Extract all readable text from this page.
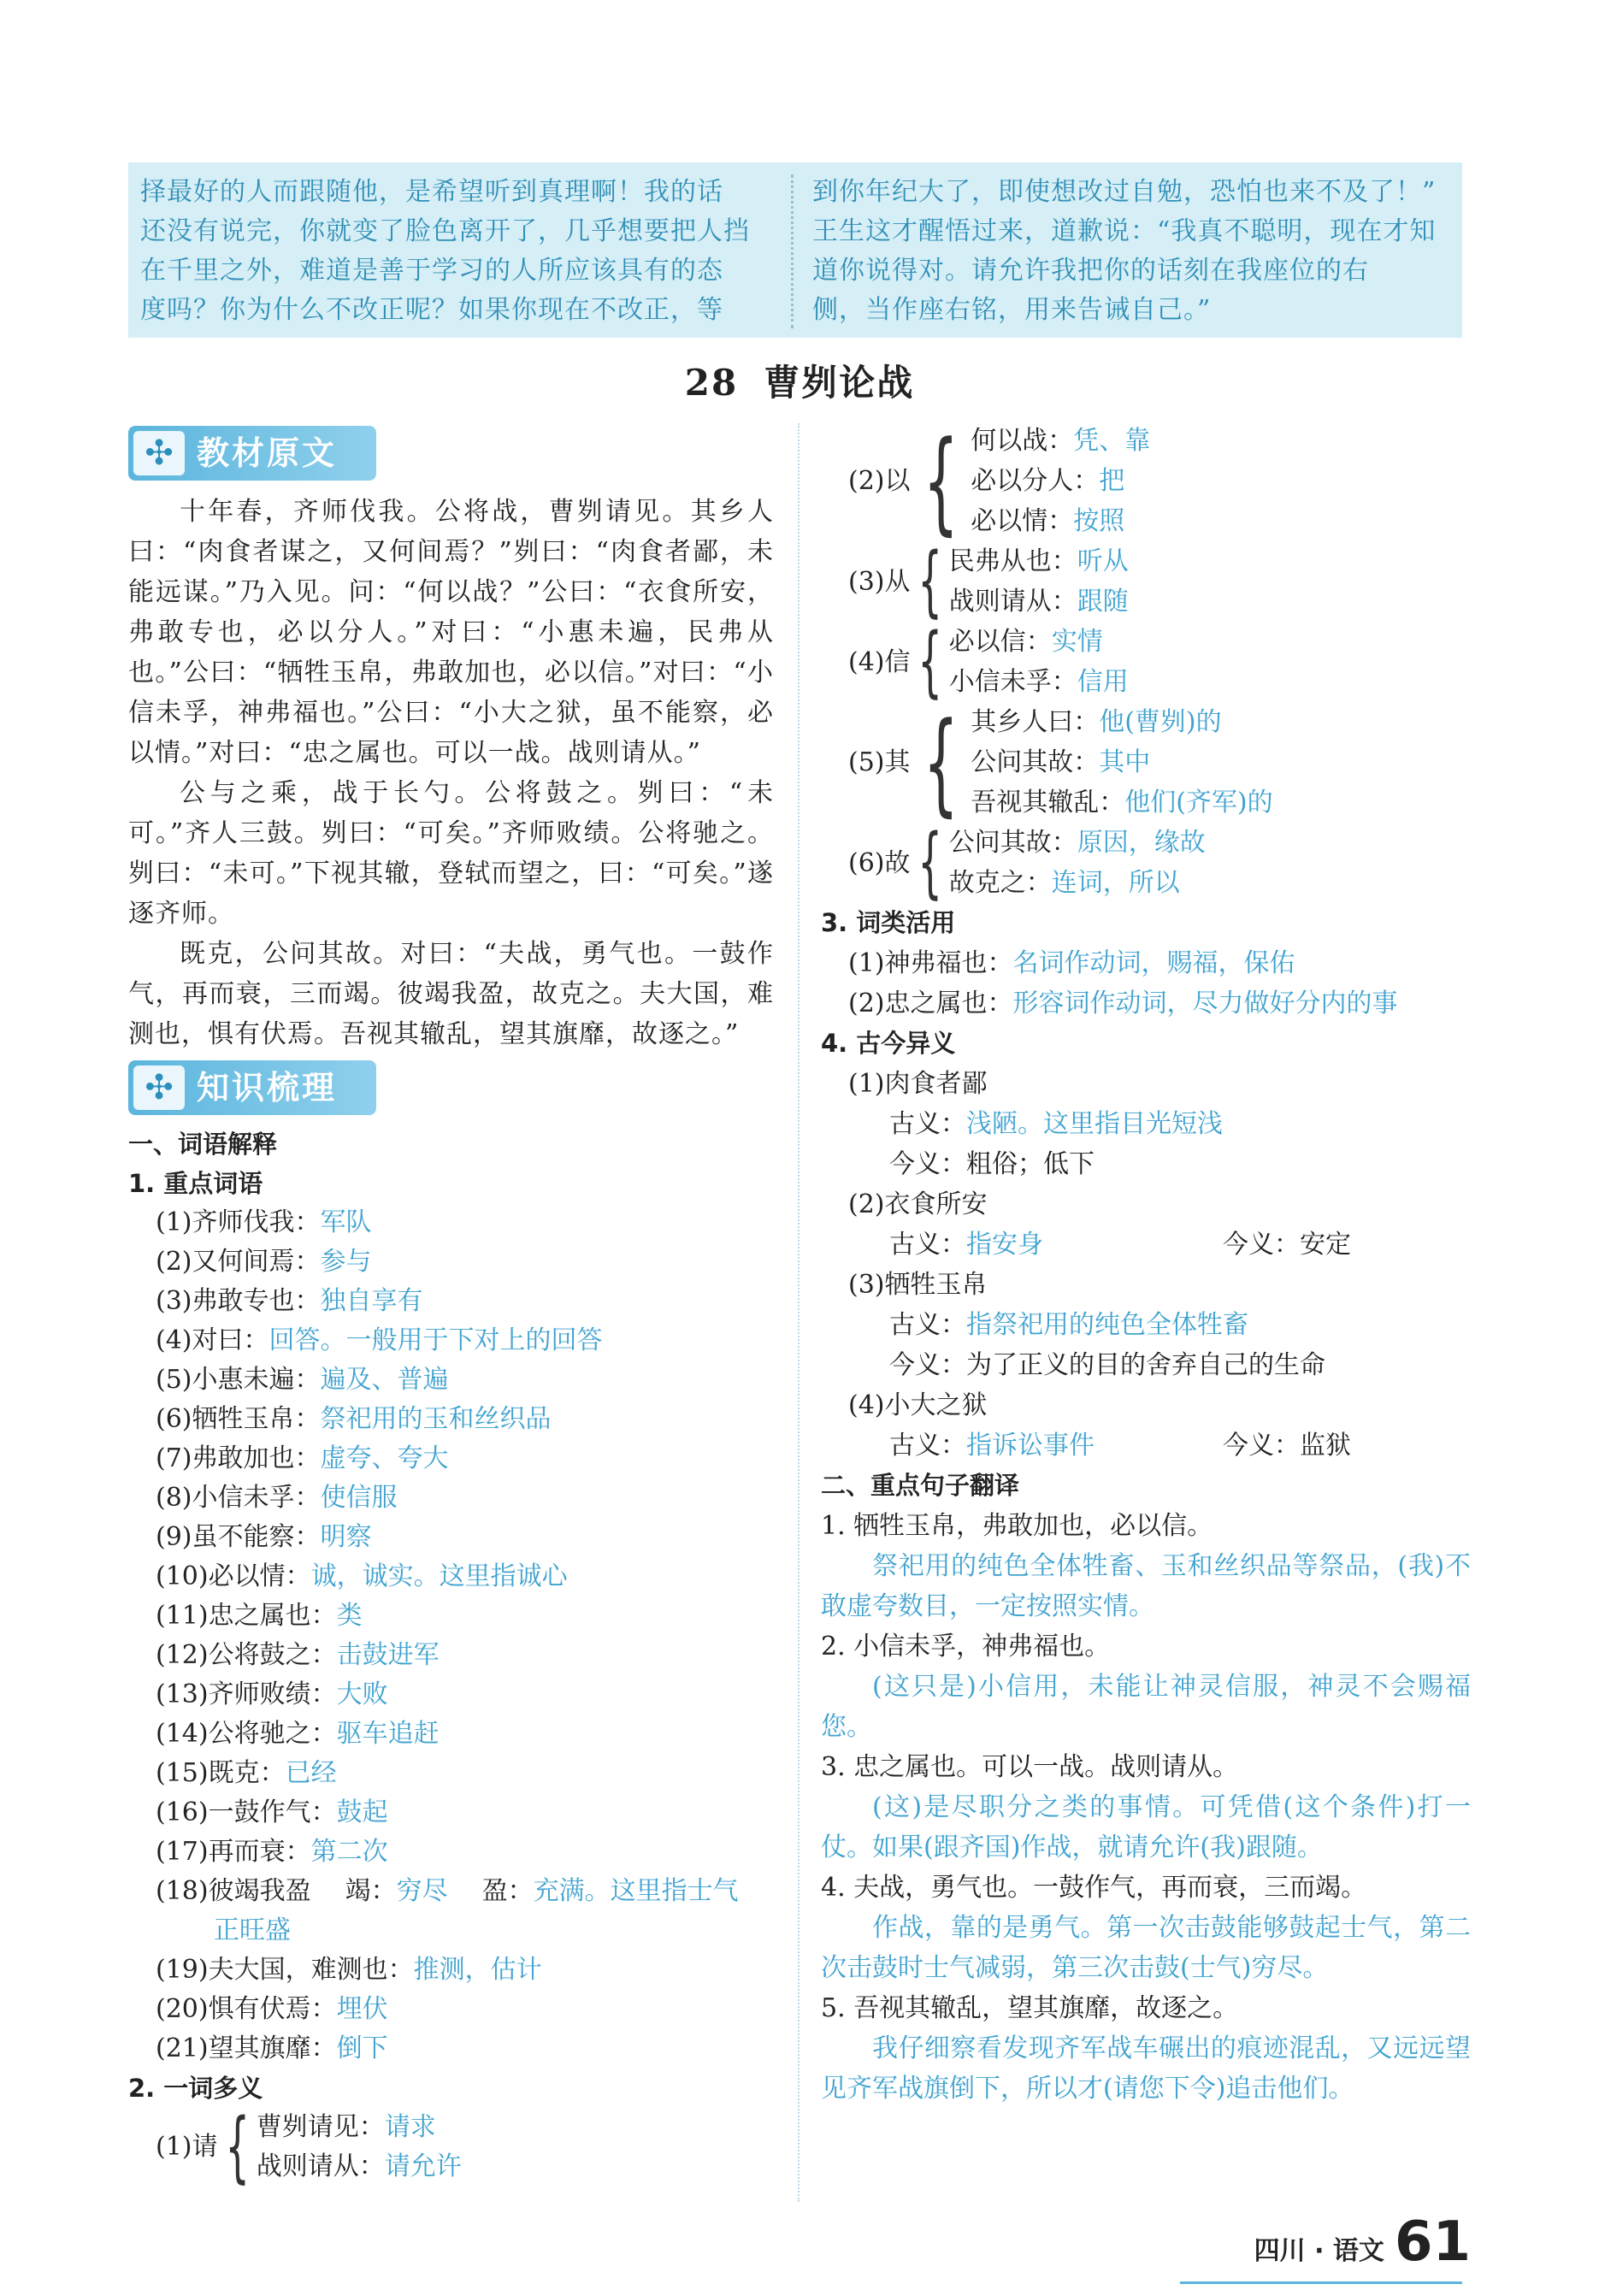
择最好的人而跟随他，是希望听到真理啊！我的话
还没有说完，你就变了脸色离开了，几乎想要把人挡
在千里之外，难道是善于学习的人所应该具有的态
度吗？你为什么不改正呢？如果你现在不改正，等
到你年纪大了，即使想改过自勉，恐怕也来不及了！”
王生这才醒悟过来，道歉说：“我真不聪明，现在才知
道你说得对。请允许我把你的话刻在我座位的右
侧，当作座右铭，用来告诫自己。”
28 曹刿论战
✣ 教材原文

十年春，齐师伐我。公将战，曹刿请见。其乡人曰：“肉食者谋之，又何间焉？”刿曰：“肉食者鄙，未能远谋。”乃入见。问：“何以战？”公曰：“衣食所安，弗敢专也，必以分人。”对曰：“小惠未遍，民弗从也。”公曰：“牺牲玉帛，弗敢加也，必以信。”对曰：“小信未孚，神弗福也。”公曰：“小大之狱，虽不能察，必以情。”对曰：“忠之属也。可以一战。战则请从。”

公与之乘，战于长勺。公将鼓之。刿曰：“未可。”齐人三鼓。刿曰：“可矣。”齐师败绩。公将驰之。刿曰：“未可。”下视其辙，登轼而望之，曰：“可矣。”遂逐齐师。

既克，公问其故。对曰：“夫战，勇气也。一鼓作气，再而衰，三而竭。彼竭我盈，故克之。夫大国，难测也，惧有伏焉。吾视其辙乱，望其旗靡，故逐之。”

✣ 知识梳理
一、词语解释
1. 重点词语
(1)齐师伐我：军队
(2)又何间焉：参与
(3)弗敢专也：独自享有
(4)对曰：回答。一般用于下对上的回答
(5)小惠未遍：遍及、普遍
(6)牺牲玉帛：祭祀用的玉和丝织品
(7)弗敢加也：虚夸、夸大
(8)小信未孚：使信服
(9)虽不能察：明察
(10)必以情：诚，诚实。这里指诚心
(11)忠之属也：类
(12)公将鼓之：击鼓进军
(13)齐师败绩：大败
(14)公将驰之：驱车追赶
(15)既克：已经
(16)一鼓作气：鼓起
(17)再而衰：第二次
(18)彼竭我盈 竭：穷尽 盈：充满。这里指士气
正旺盛
(19)夫大国，难测也：推测，估计
(20)惧有伏焉：埋伏
(21)望其旗靡：倒下
2. 一词多义
(1)请 { 曹刿请见：请求
战则请从：请允许
(2)以 { 何以战：凭、靠
必以分人：把
必以情：按照
(3)从 { 民弗从也：听从
战则请从：跟随
(4)信 { 必以信：实情
小信未孚：信用
(5)其 { 其乡人曰：他(曹刿)的
公问其故：其中
吾视其辙乱：他们(齐军)的
(6)故 { 公问其故：原因，缘故
故克之：连词，所以
3. 词类活用
(1)神弗福也：名词作动词，赐福，保佑
(2)忠之属也：形容词作动词，尽力做好分内的事
4. 古今异义
(1)肉食者鄙
古义：浅陋。这里指目光短浅
今义：粗俗；低下
(2)衣食所安
古义：指安身	今义：安定
(3)牺牲玉帛
古义：指祭祀用的纯色全体牲畜
今义：为了正义的目的舍弃自己的生命
(4)小大之狱
古义：指诉讼事件	今义：监狱
二、重点句子翻译
1. 牺牲玉帛，弗敢加也，必以信。
祭祀用的纯色全体牲畜、玉和丝织品等祭品，(我)不敢虚夸数目，一定按照实情。
2. 小信未孚，神弗福也。
(这只是)小信用，未能让神灵信服，神灵不会赐福您。
3. 忠之属也。可以一战。战则请从。
(这)是尽职分之类的事情。可凭借(这个条件)打一仗。如果(跟齐国)作战，就请允许(我)跟随。
4. 夫战，勇气也。一鼓作气，再而衰，三而竭。
作战，靠的是勇气。第一次击鼓能够鼓起士气，第二次击鼓时士气减弱，第三次击鼓(士气)穷尽。
5. 吾视其辙乱，望其旗靡，故逐之。
我仔细察看发现齐军战车碾出的痕迹混乱，又远远望见齐军战旗倒下，所以才(请您下令)追击他们。
四川 · 语文 61
